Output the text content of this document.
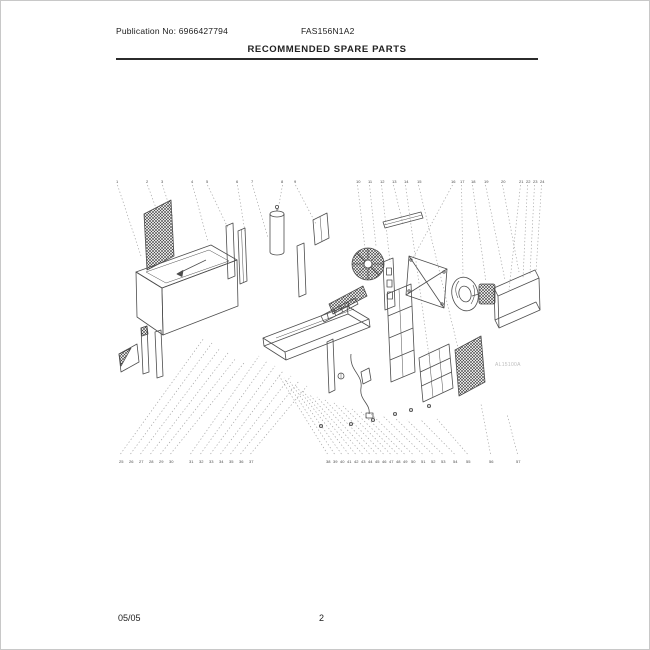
Publication No: 6966427794	FAS156N1A2
RECOMMENDED SPARE PARTS
1	2	3	4	5	6	7	8	9	10 11 12 13 14 15	16 17 18 19	20	21 22 23 24
25 26 27 28 29 30	31 32 33 34 35 36 37	38 39 40 41 42 43 44 45 46 47 48 49 50 51 52 53 54 55	56	57
AL15100A
05/05	2
